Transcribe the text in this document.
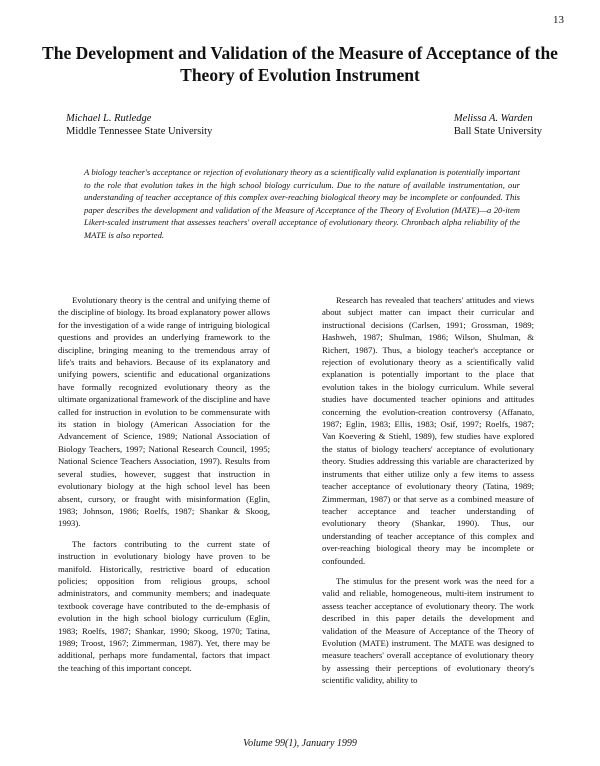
13
The Development and Validation of the Measure of Acceptance of the Theory of Evolution Instrument
Michael L. Rutledge
Middle Tennessee State University
Melissa A. Warden
Ball State University
A biology teacher's acceptance or rejection of evolutionary theory as a scientifically valid explanation is potentially important to the role that evolution takes in the high school biology curriculum. Due to the nature of available instrumentation, our understanding of teacher acceptance of this complex over-reaching biological theory may be incomplete or confounded. This paper describes the development and validation of the Measure of Acceptance of the Theory of Evolution (MATE)—a 20-item Likert-scaled instrument that assesses teachers' overall acceptance of evolutionary theory. Chronbach alpha reliability of the MATE is also reported.

Evolutionary theory is the central and unifying theme of the discipline of biology. Its broad explanatory power allows for the investigation of a wide range of intriguing biological questions and provides an underlying framework to the discipline, bringing meaning to the tremendous array of life's traits and behaviors. Because of its explanatory and unifying powers, scientific and educational organizations have formally recognized evolutionary theory as the ultimate organizational framework of the discipline and have called for instruction in evolution to be commensurate with its station in biology (American Association for the Advancement of Science, 1989; National Association of Biology Teachers, 1997; National Research Council, 1995; National Science Teachers Association, 1997). Results from several studies, however, suggest that instruction in evolutionary biology at the high school level has been absent, cursory, or fraught with misinformation (Eglin, 1983; Johnson, 1986; Roelfs, 1987; Shankar & Skoog, 1993).

The factors contributing to the current state of instruction in evolutionary biology have proven to be manifold. Historically, restrictive board of education policies; opposition from religious groups, school administrators, and community members; and inadequate textbook coverage have contributed to the de-emphasis of evolution in the high school biology curriculum (Eglin, 1983; Roelfs, 1987; Shankar, 1990; Skoog, 1970; Tatina, 1989; Troost, 1967; Zimmerman, 1987). Yet, there may be additional, perhaps more fundamental, factors that impact the teaching of this important concept.

Research has revealed that teachers' attitudes and views about subject matter can impact their curricular and instructional decisions (Carlsen, 1991; Grossman, 1989; Hashweh, 1987; Shulman, 1986; Wilson, Shulman, & Richert, 1987). Thus, a biology teacher's acceptance or rejection of evolutionary theory as a scientifically valid explanation is potentially important to the place that evolution takes in the biology curriculum. While several studies have documented teacher opinions and attitudes concerning the evolution-creation controversy (Affanato, 1987; Eglin, 1983; Ellis, 1983; Osif, 1997; Roelfs, 1987; Van Koevering & Stiehl, 1989), few studies have explored the status of biology teachers' acceptance of evolutionary theory. Studies addressing this variable are characterized by instruments that either utilize only a few items to assess teacher acceptance of evolutionary theory (Tatina, 1989; Zimmerman, 1987) or that serve as a combined measure of teacher acceptance and teacher understanding of evolutionary theory (Shankar, 1990). Thus, our understanding of teacher acceptance of this complex and over-reaching biological theory may be incomplete or confounded.

The stimulus for the present work was the need for a valid and reliable, homogeneous, multi-item instrument to assess teacher acceptance of evolutionary theory. The work described in this paper details the development and validation of the Measure of Acceptance of the Theory of Evolution (MATE) instrument. The MATE was designed to measure teachers' overall acceptance of evolutionary theory by assessing their perceptions of evolutionary theory's scientific validity, ability to

Volume 99(1), January 1999
